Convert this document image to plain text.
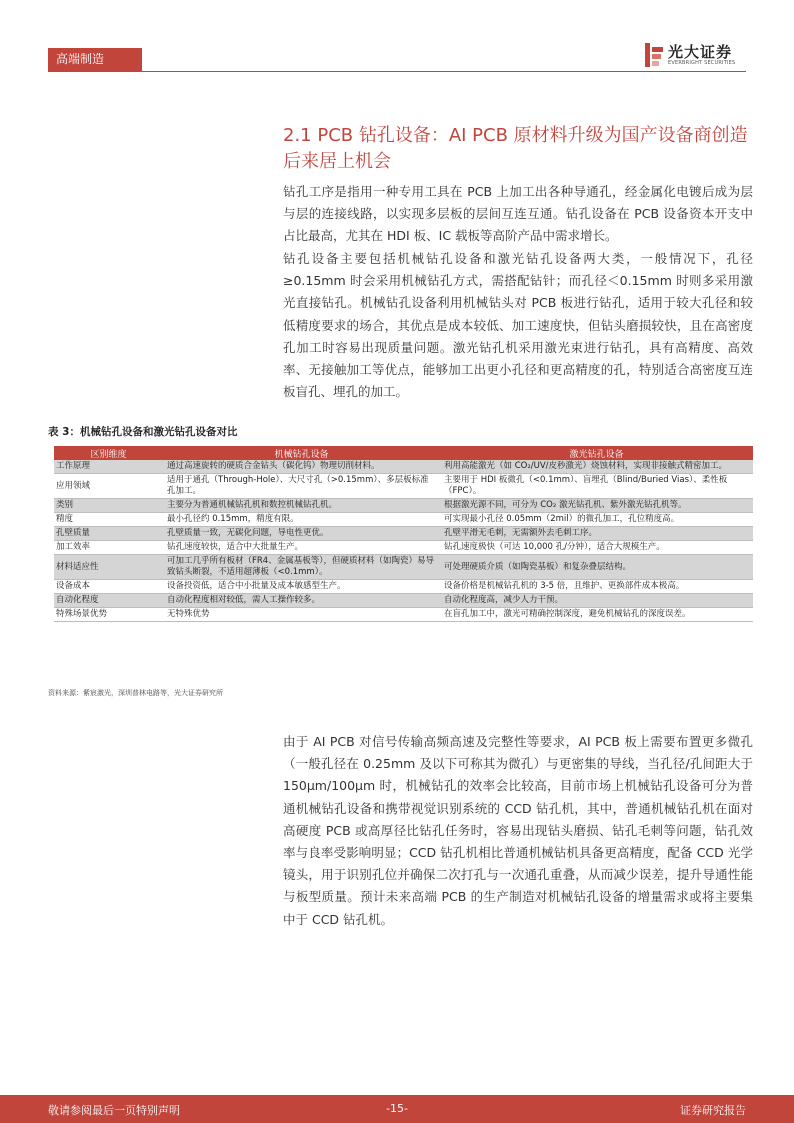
高端制造	光大证券
EVERBRIGHT SECURITIES
2.1 PCB 钻孔设备：AI PCB 原材料升级为国产设备商创造后来居上机会

钻孔工序是指用一种专用工具在 PCB 上加工出各种导通孔，经金属化电镀后成为层与层的连接线路，以实现多层板的层间互连互通。钻孔设备在 PCB 设备资本开支中占比最高，尤其在 HDI 板、IC 载板等高阶产品中需求增长。

钻孔设备主要包括机械钻孔设备和激光钻孔设备两大类，一般情况下，孔径≥0.15mm 时会采用机械钻孔方式，需搭配钻针；而孔径＜0.15mm 时则多采用激光直接钻孔。机械钻孔设备利用机械钻头对 PCB 板进行钻孔，适用于较大孔径和较低精度要求的场合，其优点是成本较低、加工速度快，但钻头磨损较快，且在高密度孔加工时容易出现质量问题。激光钻孔机采用激光束进行钻孔，具有高精度、高效率、无接触加工等优点，能够加工出更小孔径和更高精度的孔，特别适合高密度互连板盲孔、埋孔的加工。

表 3：机械钻孔设备和激光钻孔设备对比
区别维度	机械钻孔设备	激光钻孔设备
工作原理	通过高速旋转的硬质合金钻头（碳化钨）物理切削材料。	利用高能激光（如 CO₂/UV/皮秒激光）烧蚀材料，实现非接触式精密加工。
应用领域	适用于通孔（Through-Hole）、大尺寸孔（>0.15mm）、多层板标准孔加工。	主要用于 HDI 板微孔（<0.1mm）、盲埋孔（Blind/Buried Vias）、柔性板（FPC）。
类别	主要分为普通机械钻孔机和数控机械钻孔机。	根据激光源不同，可分为 CO₂ 激光钻孔机、紫外激光钻孔机等。
精度	最小孔径约 0.15mm，精度有限。	可实现最小孔径 0.05mm（2mil）的微孔加工，孔位精度高。
孔壁质量	孔壁质量一致，无碳化问题，导电性更优。	孔壁平滑无毛刺，无需额外去毛刺工序。
加工效率	钻孔速度较快，适合中大批量生产。	钻孔速度极快（可达 10,000 孔/分钟），适合大规模生产。
材料适应性	可加工几乎所有板材（FR4、金属基板等），但硬质材料（如陶瓷）易导致钻头断裂，不适用超薄板（<0.1mm）。	可处理硬质介质（如陶瓷基板）和复杂叠层结构。
设备成本	设备投资低，适合中小批量及成本敏感型生产。	设备价格是机械钻孔机的 3-5 倍，且维护、更换部件成本极高。
自动化程度	自动化程度相对较低，需人工操作较多。	自动化程度高，减少人力干预。
特殊场景优势	无特殊优势	在盲孔加工中，激光可精确控制深度，避免机械钻孔的深度误差。
资料来源：紫宸激光，深圳普林电路等，光大证券研究所

由于 AI PCB 对信号传输高频高速及完整性等要求，AI PCB 板上需要布置更多微孔（一般孔径在 0.25mm 及以下可称其为微孔）与更密集的导线，当孔径/孔间距大于 150μm/100μm 时，机械钻孔的效率会比较高，目前市场上机械钻孔设备可分为普通机械钻孔设备和携带视觉识别系统的 CCD 钻孔机，其中，普通机械钻孔机在面对高硬度 PCB 或高厚径比钻孔任务时，容易出现钻头磨损、钻孔毛刺等问题，钻孔效率与良率受影响明显；CCD 钻孔机相比普通机械钻机具备更高精度，配备 CCD 光学镜头，用于识别孔位并确保二次打孔与一次通孔重叠，从而减少误差，提升导通性能与板型质量。预计未来高端 PCB 的生产制造对机械钻孔设备的增量需求或将主要集中于 CCD 钻孔机。

敬请参阅最后一页特别声明	-15-	证券研究报告
